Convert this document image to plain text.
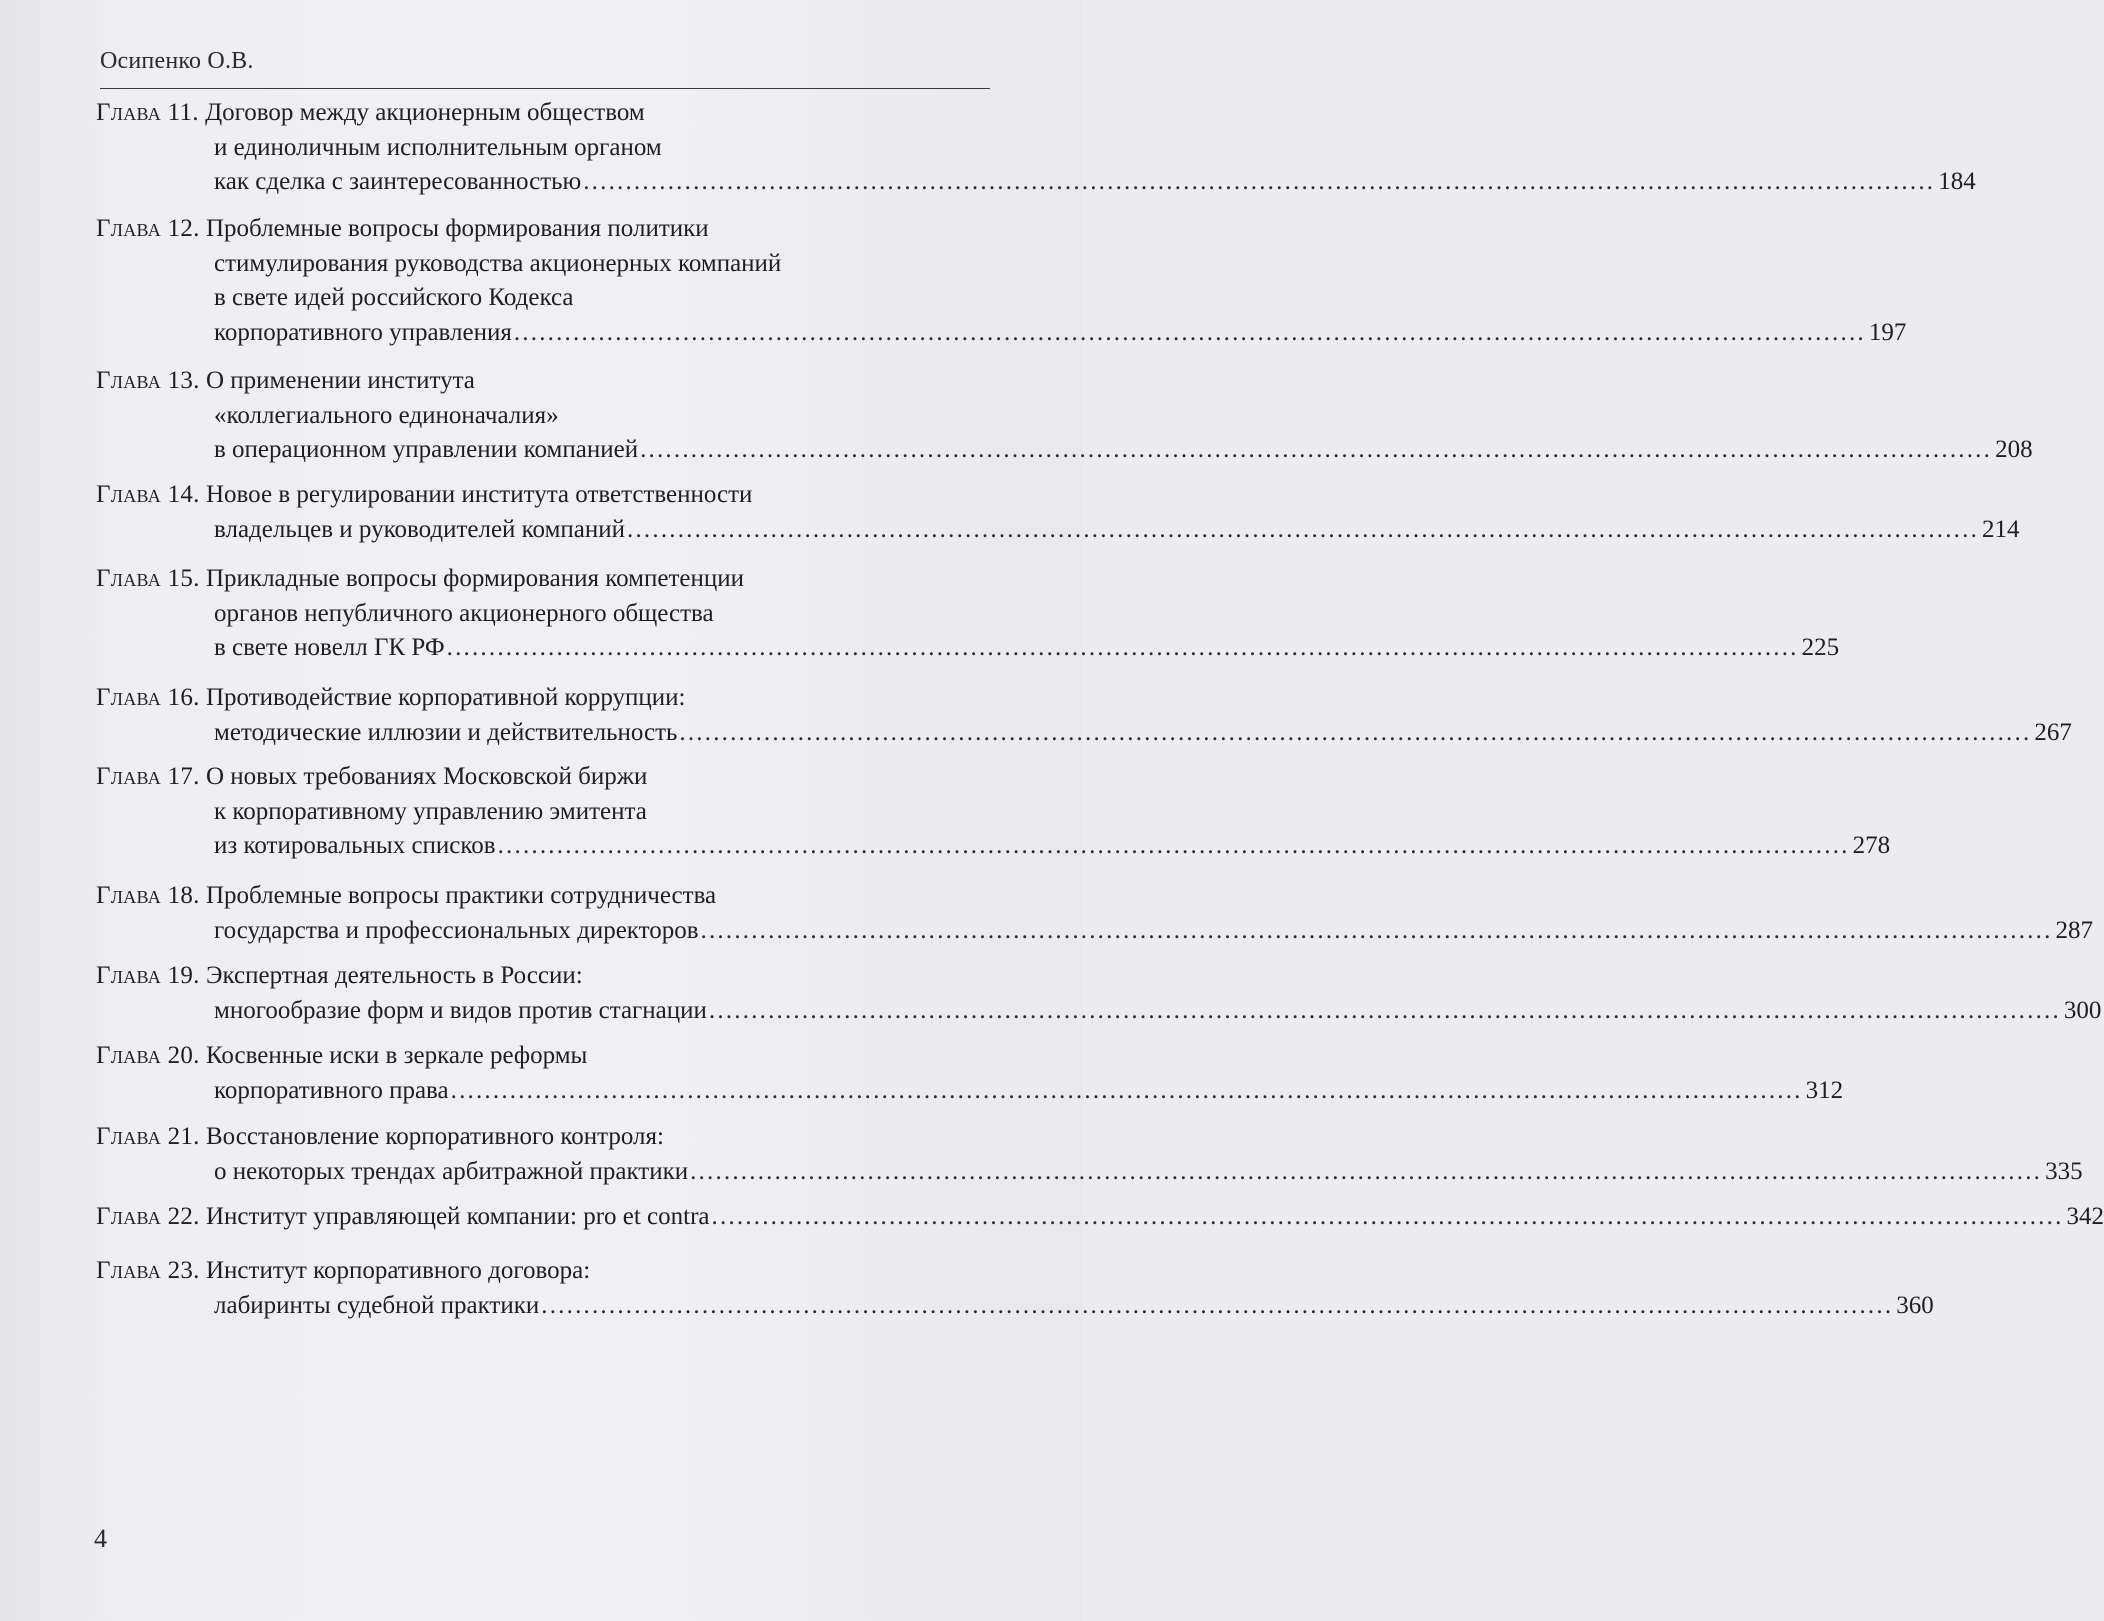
Осипенко О.В.
Глава 11. Договор между акционерным обществом
и единоличным исполнительным органом
как сделка с заинтересованностью .....	184
Глава 12. Проблемные вопросы формирования политики
стимулирования руководства акционерных компаний
в свете идей российского Кодекса
корпоративного управления .....	197
Глава 13. О применении института
«коллегиального единоначалия»
в операционном управлении компанией .....	208
Глава 14. Новое в регулировании института ответственности
владельцев и руководителей компаний .....	214
Глава 15. Прикладные вопросы формирования компетенции
органов непубличного акционерного общества
в свете новелл ГК РФ .....	225
Глава 16. Противодействие корпоративной коррупции:
методические иллюзии и действительность .....	267
Глава 17. О новых требованиях Московской биржи
к корпоративному управлению эмитента
из котировальных списков .....	278
Глава 18. Проблемные вопросы практики сотрудничества
государства и профессиональных директоров .....	287
Глава 19. Экспертная деятельность в России:
многообразие форм и видов против стагнации .....	300
Глава 20. Косвенные иски в зеркале реформы
корпоративного права .....	312
Глава 21. Восстановление корпоративного контроля:
о некоторых трендах арбитражной практики .....	335
Глава 22. Институт управляющей компании: pro et contra .....	342
Глава 23. Институт корпоративного договора:
лабиринты судебной практики .....	360
4
